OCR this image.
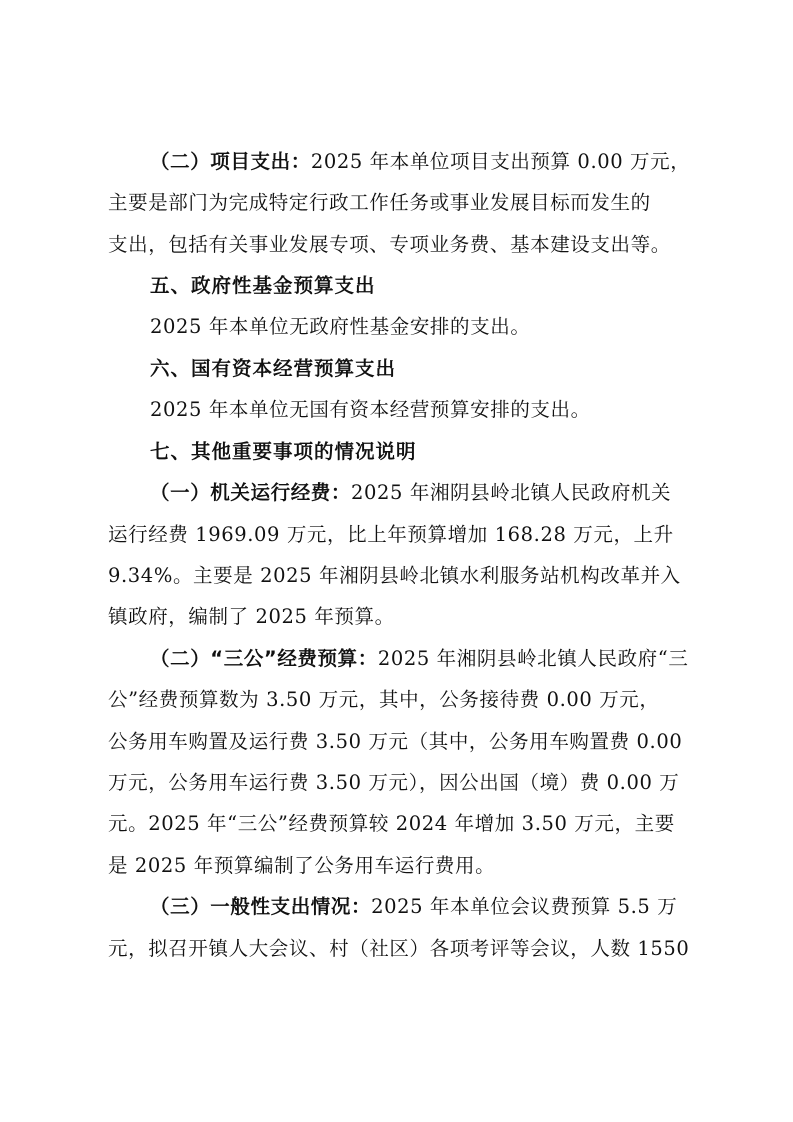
（二）项目支出：2025 年本单位项目支出预算 0.00 万元，
主要是部门为完成特定行政工作任务或事业发展目标而发生的
支出，包括有关事业发展专项、专项业务费、基本建设支出等。
五、政府性基金预算支出
2025 年本单位无政府性基金安排的支出。
六、国有资本经营预算支出
2025 年本单位无国有资本经营预算安排的支出。
七、其他重要事项的情况说明
（一）机关运行经费：2025 年湘阴县岭北镇人民政府机关
运行经费 1969.09 万元，比上年预算增加 168.28 万元，上升
9.34%。主要是 2025 年湘阴县岭北镇水利服务站机构改革并入
镇政府，编制了 2025 年预算。
（二）“三公”经费预算：2025 年湘阴县岭北镇人民政府“三
公”经费预算数为 3.50 万元，其中，公务接待费 0.00 万元，
公务用车购置及运行费 3.50 万元（其中，公务用车购置费 0.00
万元，公务用车运行费 3.50 万元），因公出国（境）费 0.00 万
元。2025 年“三公”经费预算较 2024 年增加 3.50 万元，主要
是 2025 年预算编制了公务用车运行费用。
（三）一般性支出情况：2025 年本单位会议费预算 5.5 万
元，拟召开镇人大会议、村（社区）各项考评等会议，人数 1550
